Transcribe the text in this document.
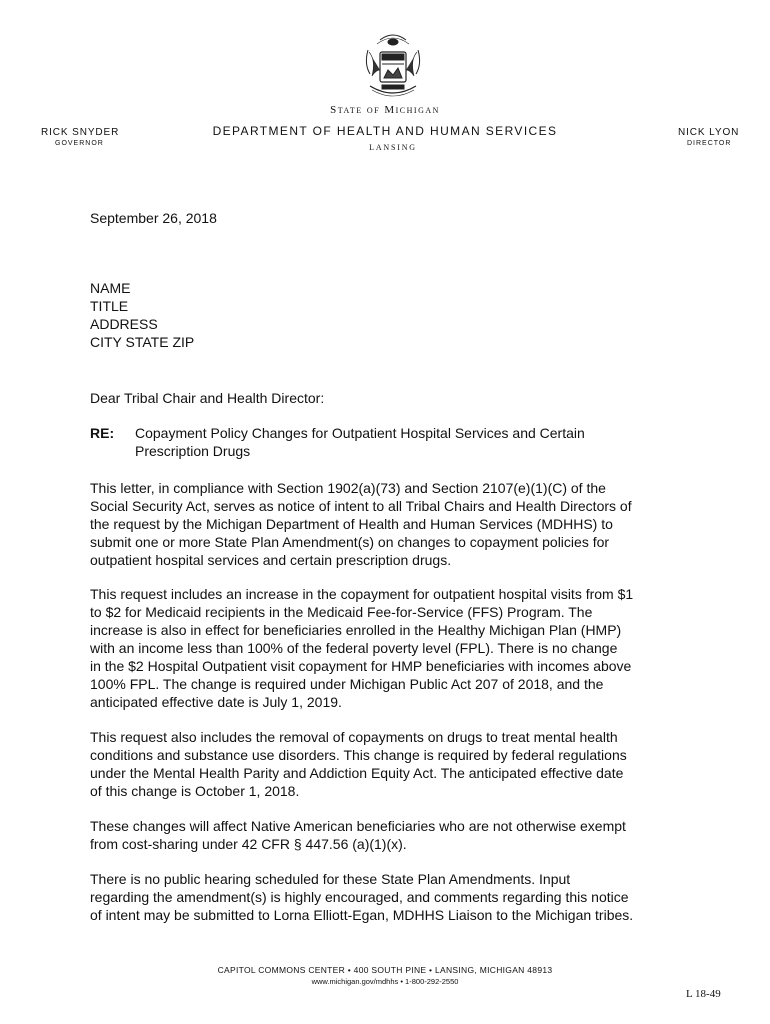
State of Michigan
DEPARTMENT OF HEALTH AND HUMAN SERVICES
LANSING
RICK SNYDER
GOVERNOR
NICK LYON
DIRECTOR
September 26, 2018
NAME
TITLE
ADDRESS
CITY STATE ZIP
Dear Tribal Chair and Health Director:
RE: Copayment Policy Changes for Outpatient Hospital Services and Certain
Prescription Drugs
This letter, in compliance with Section 1902(a)(73) and Section 2107(e)(1)(C) of the
Social Security Act, serves as notice of intent to all Tribal Chairs and Health Directors of
the request by the Michigan Department of Health and Human Services (MDHHS) to
submit one or more State Plan Amendment(s) on changes to copayment policies for
outpatient hospital services and certain prescription drugs.
This request includes an increase in the copayment for outpatient hospital visits from $1
to $2 for Medicaid recipients in the Medicaid Fee-for-Service (FFS) Program. The
increase is also in effect for beneficiaries enrolled in the Healthy Michigan Plan (HMP)
with an income less than 100% of the federal poverty level (FPL). There is no change
in the $2 Hospital Outpatient visit copayment for HMP beneficiaries with incomes above
100% FPL. The change is required under Michigan Public Act 207 of 2018, and the
anticipated effective date is July 1, 2019.
This request also includes the removal of copayments on drugs to treat mental health
conditions and substance use disorders. This change is required by federal regulations
under the Mental Health Parity and Addiction Equity Act. The anticipated effective date
of this change is October 1, 2018.
These changes will affect Native American beneficiaries who are not otherwise exempt
from cost-sharing under 42 CFR § 447.56 (a)(1)(x).
There is no public hearing scheduled for these State Plan Amendments. Input
regarding the amendment(s) is highly encouraged, and comments regarding this notice
of intent may be submitted to Lorna Elliott-Egan, MDHHS Liaison to the Michigan tribes.
CAPITOL COMMONS CENTER • 400 SOUTH PINE • LANSING, MICHIGAN 48913
www.michigan.gov/mdhhs • 1-800-292-2550
L 18-49
